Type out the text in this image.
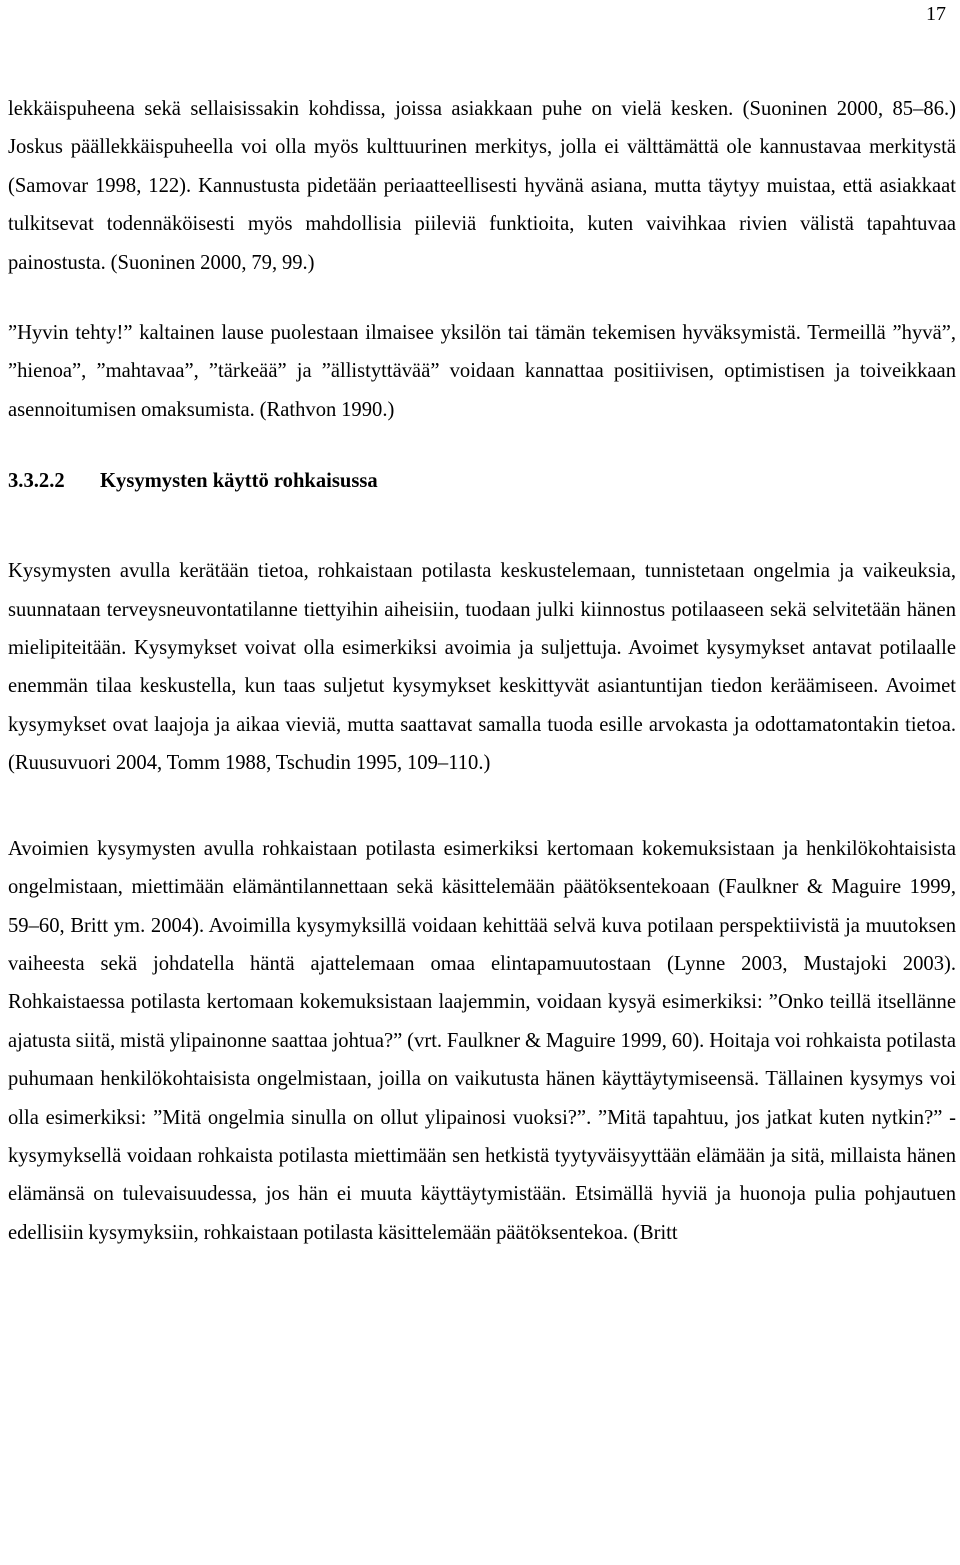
17

lekkäispuheena sekä sellaisissakin kohdissa, joissa asiakkaan puhe on vielä kesken. (Suoninen 2000, 85–86.) Joskus päällekkäispuheella voi olla myös kulttuurinen merkitys, jolla ei välttämättä ole kannustavaa merkitystä (Samovar 1998, 122). Kannustusta pidetään periaatteellisesti hyvänä asiana, mutta täytyy muistaa, että asiakkaat tulkitsevat todennäköisesti myös mahdollisia piileviä funktioita, kuten vaivihkaa rivien välistä tapahtuvaa painostusta. (Suoninen 2000, 79, 99.)

”Hyvin tehty!” kaltainen lause puolestaan ilmaisee yksilön tai tämän tekemisen hyväksymistä. Termeillä ”hyvä”, ”hienoa”, ”mahtavaa”, ”tärkeää” ja ”ällistyttävää” voidaan kannattaa positiivisen, optimistisen ja toiveikkaan asennoitumisen omaksumista. (Rathvon 1990.)

3.3.2.2 Kysymysten käyttö rohkaisussa

Kysymysten avulla kerätään tietoa, rohkaistaan potilasta keskustelemaan, tunnistetaan ongelmia ja vaikeuksia, suunnataan terveysneuvontatilanne tiettyihin aiheisiin, tuodaan julki kiinnostus potilaaseen sekä selvitetään hänen mielipiteitään. Kysymykset voivat olla esimerkiksi avoimia ja suljettuja. Avoimet kysymykset antavat potilaalle enemmän tilaa keskustella, kun taas suljetut kysymykset keskittyvät asiantuntijan tiedon keräämiseen. Avoimet kysymykset ovat laajoja ja aikaa vieviä, mutta saattavat samalla tuoda esille arvokasta ja odottamatontakin tietoa. (Ruusuvuori 2004, Tomm 1988, Tschudin 1995, 109–110.)

Avoimien kysymysten avulla rohkaistaan potilasta esimerkiksi kertomaan kokemuksistaan ja henkilökohtaisista ongelmistaan, miettimään elämäntilannettaan sekä käsittelemään päätöksentekoaan (Faulkner & Maguire 1999, 59–60, Britt ym. 2004). Avoimilla kysymyksillä voidaan kehittää selvä kuva potilaan perspektiivistä ja muutoksen vaiheesta sekä johdatella häntä ajattelemaan omaa elintapamuutostaan (Lynne 2003, Mustajoki 2003). Rohkaistaessa potilasta kertomaan kokemuksistaan laajemmin, voidaan kysyä esimerkiksi: ”Onko teillä itsellänne ajatusta siitä, mistä ylipainonne saattaa johtua?” (vrt. Faulkner & Maguire 1999, 60). Hoitaja voi rohkaista potilasta puhumaan henkilökohtaisista ongelmistaan, joilla on vaikutusta hänen käyttäytymiseensä. Tällainen kysymys voi olla esimerkiksi: ”Mitä ongelmia sinulla on ollut ylipainosi vuoksi?”. ”Mitä tapahtuu, jos jatkat kuten nytkin?” -kysymyksellä voidaan rohkaista potilasta miettimään sen hetkistä tyytyväisyyttään elämään ja sitä, millaista hänen elämänsä on tulevaisuudessa, jos hän ei muuta käyttäytymistään. Etsimällä hyviä ja huonoja pulia pohjautuen edellisiin kysymyksiin, rohkaistaan potilasta käsittelemään päätöksentekoa. (Britt
